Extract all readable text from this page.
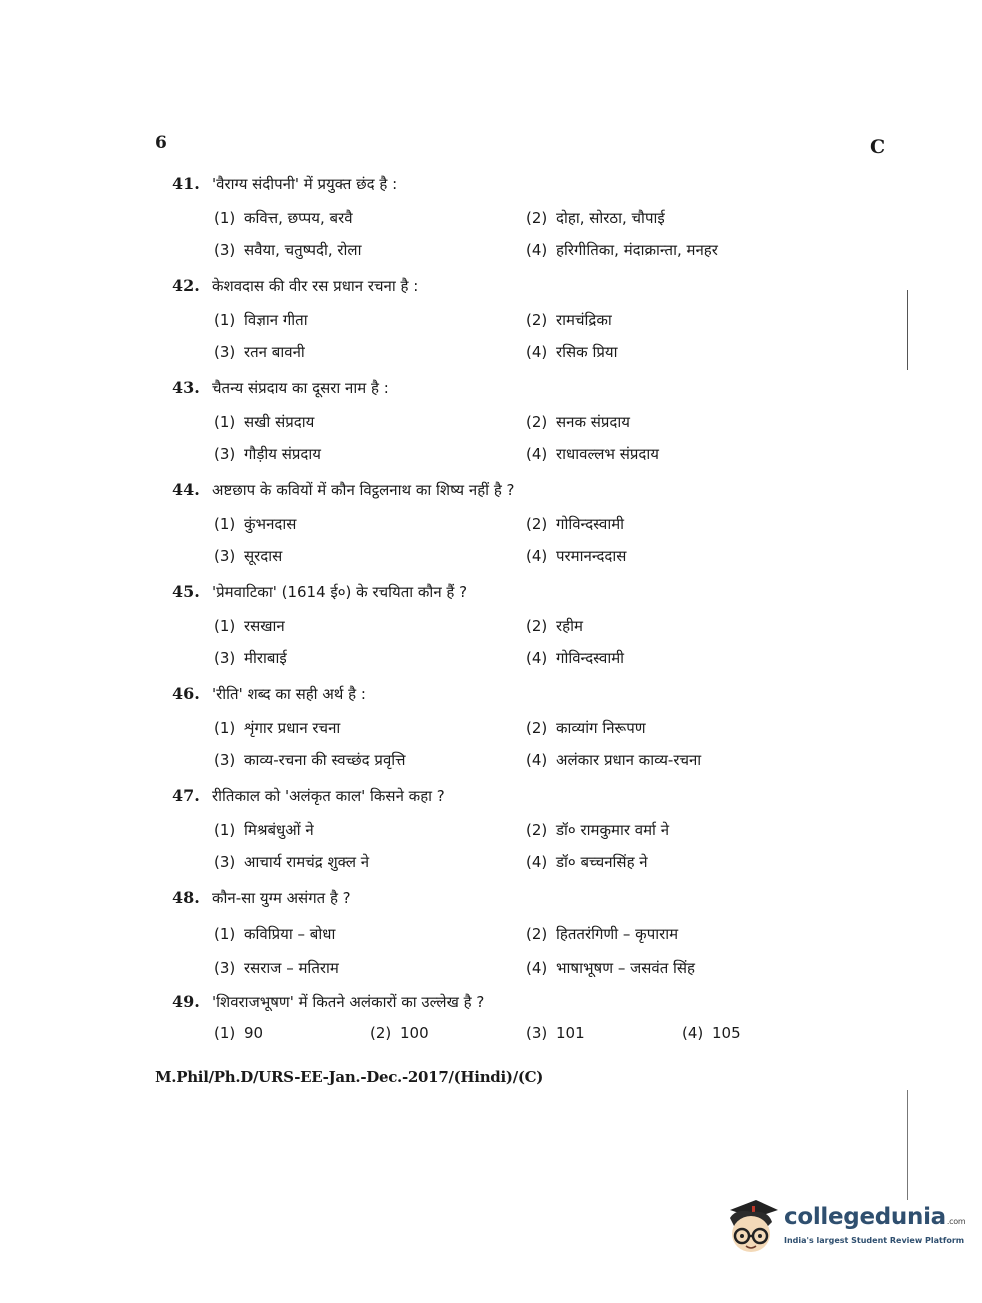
6	C
41. 'वैराग्य संदीपनी' में प्रयुक्त छंद है :
(1) कवित्त, छप्पय, बरवै	(2) दोहा, सोरठा, चौपाई
(3) सवैया, चतुष्पदी, रोला	(4) हरिगीतिका, मंदाक्रान्ता, मनहर
42. केशवदास की वीर रस प्रधान रचना है :
(1) विज्ञान गीता	(2) रामचंद्रिका
(3) रतन बावनी	(4) रसिक प्रिया
43. चैतन्य संप्रदाय का दूसरा नाम है :
(1) सखी संप्रदाय	(2) सनक संप्रदाय
(3) गौड़ीय संप्रदाय	(4) राधावल्लभ संप्रदाय
44. अष्टछाप के कवियों में कौन विट्ठलनाथ का शिष्य नहीं है ?
(1) कुंभनदास	(2) गोविन्दस्वामी
(3) सूरदास	(4) परमानन्ददास
45. 'प्रेमवाटिका' (1614 ई०) के रचयिता कौन हैं ?
(1) रसखान	(2) रहीम
(3) मीराबाई	(4) गोविन्दस्वामी
46. 'रीति' शब्द का सही अर्थ है :
(1) शृंगार प्रधान रचना	(2) काव्यांग निरूपण
(3) काव्य-रचना की स्वच्छंद प्रवृत्ति	(4) अलंकार प्रधान काव्य-रचना
47. रीतिकाल को 'अलंकृत काल' किसने कहा ?
(1) मिश्रबंधुओं ने	(2) डॉ० रामकुमार वर्मा ने
(3) आचार्य रामचंद्र शुक्ल ने	(4) डॉ० बच्चनसिंह ने
48. कौन-सा युग्म असंगत है ?
(1) कविप्रिया – बोधा	(2) हिततरंगिणी – कृपाराम
(3) रसराज – मतिराम	(4) भाषाभूषण – जसवंत सिंह
49. 'शिवराजभूषण' में कितने अलंकारों का उल्लेख है ?
(1) 90	(2) 100	(3) 101	(4) 105
M.Phil/Ph.D/URS-EE-Jan.-Dec.-2017/(Hindi)/(C)
collegedunia.com
India's largest Student Review Platform
